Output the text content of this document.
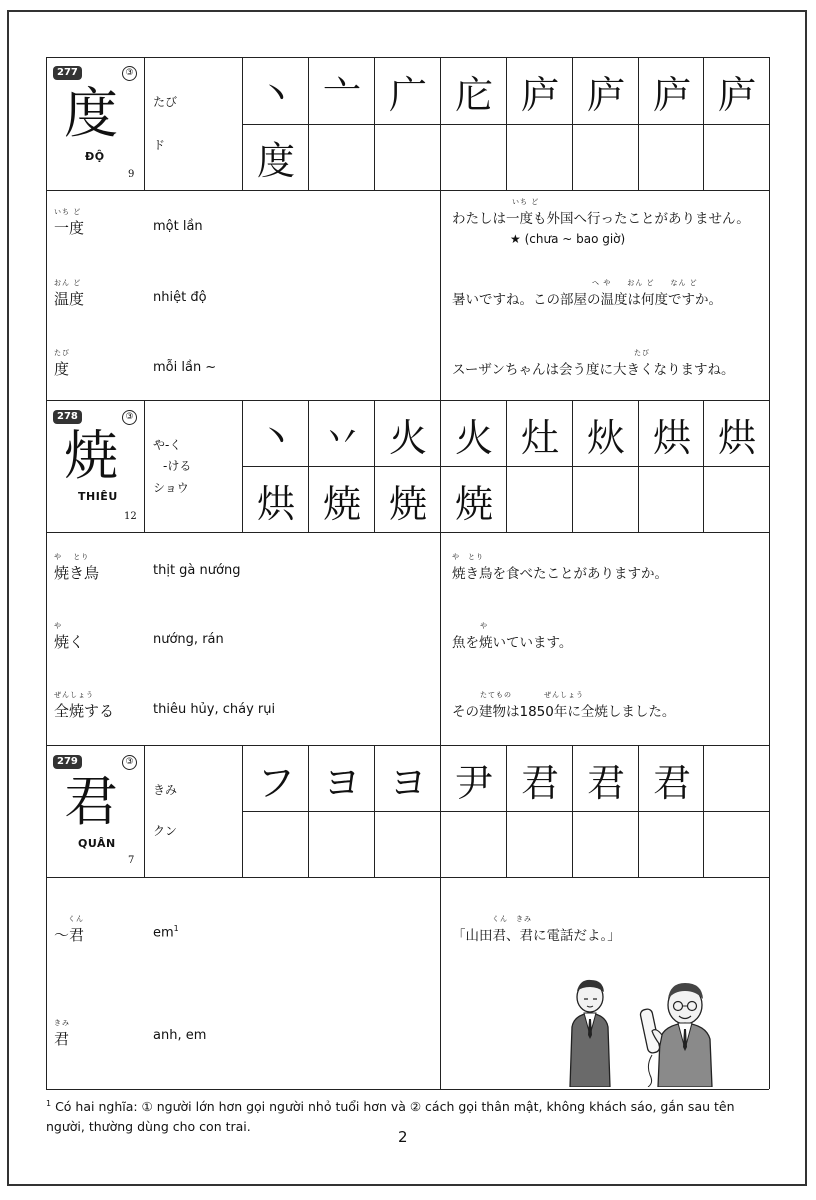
277	③
度
ĐỘ
9
たび
ド
丶 亠 广 庀 庐 庐 庐 庐
度
いち ど
一度	một lần
いち ど
わたしは一度も外国へ行ったことがありません。
★ (chưa ~ bao giờ)
おん ど
温度	nhiệt độ
へ や　　おん ど　　なん ど
暑いですね。この部屋の温度は何度ですか。
たび
度	mỗi lần ~
たび
スーザンちゃんは会う度に大きくなりますね。
278	③
焼
THIÊU
12
や-く
-ける
ショウ
丶 丷 火 火 灶 炏 烘 烘
烘 焼 焼 焼
や　 とり
焼き鳥	thịt gà nướng
や　とり
焼き鳥を食べたことがありますか。
や
焼く	nướng, rán
や
魚を焼いています。
ぜんしょう
全焼する	thiêu hủy, cháy rụi
たてもの　　　　ぜんしょう
その建物は1850年に全焼しました。
279	③
君
QUÂN
7
きみ
クン
フ ヨ ヨ 尹 君 君 君
くん
〜君	$em^1$
くん　きみ
「山田君、君に電話だよ。」
きみ
君	anh, em
$^1$ Có hai nghĩa: ① người lớn hơn gọi người nhỏ tuổi hơn và ② cách gọi thân mật, không khách sáo, gắn sau tên người, thường dùng cho con trai.
2
